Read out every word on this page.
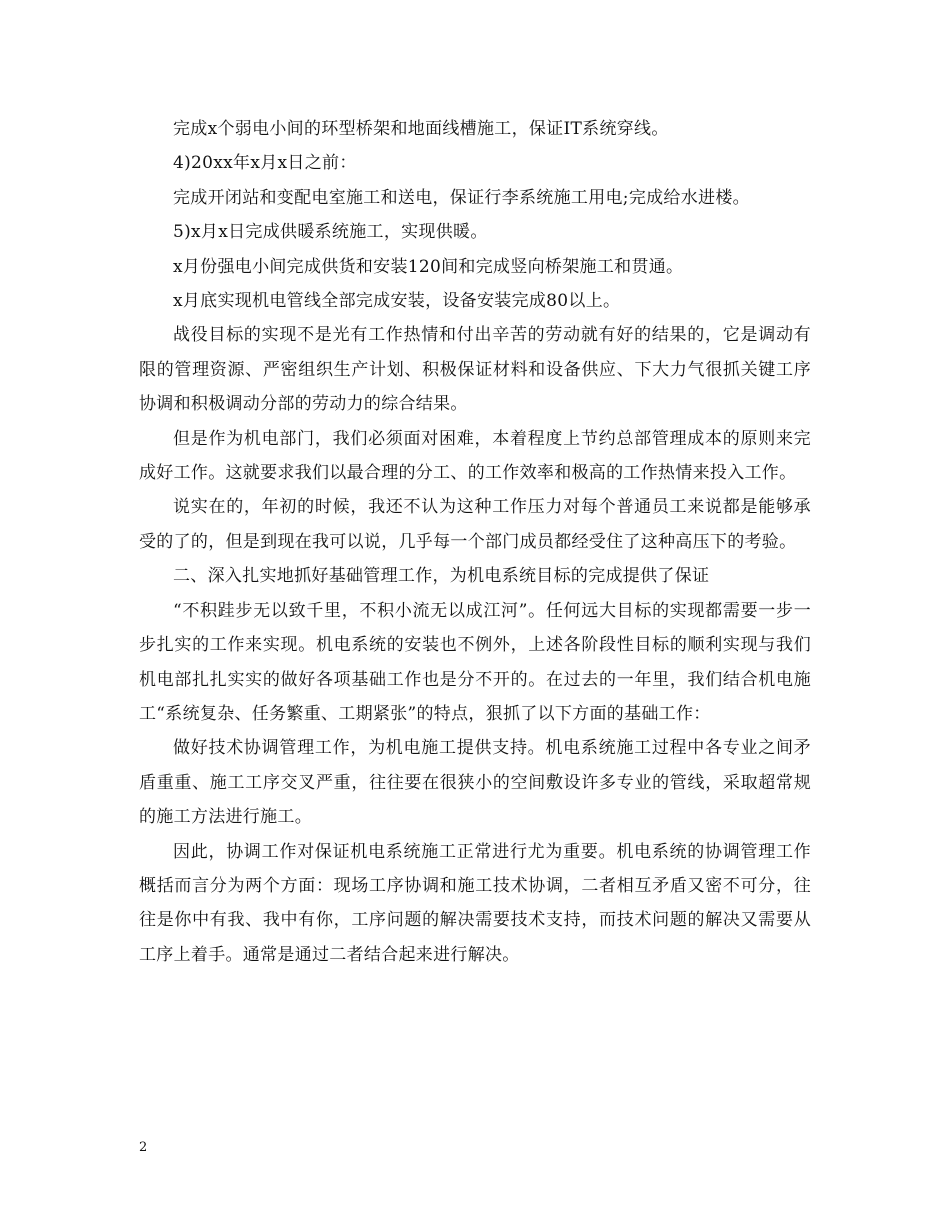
完成x个弱电小间的环型桥架和地面线槽施工，保证IT系统穿线。

4)20xx年x月x日之前：

完成开闭站和变配电室施工和送电，保证行李系统施工用电;完成给水进楼。

5)x月x日完成供暖系统施工，实现供暖。

x月份强电小间完成供货和安装120间和完成竖向桥架施工和贯通。

x月底实现机电管线全部完成安装，设备安装完成80以上。

战役目标的实现不是光有工作热情和付出辛苦的劳动就有好的结果的，它是调动有限的管理资源、严密组织生产计划、积极保证材料和设备供应、下大力气很抓关键工序协调和积极调动分部的劳动力的综合结果。

但是作为机电部门，我们必须面对困难，本着程度上节约总部管理成本的原则来完成好工作。这就要求我们以最合理的分工、的工作效率和极高的工作热情来投入工作。

说实在的，年初的时候，我还不认为这种工作压力对每个普通员工来说都是能够承受的了的，但是到现在我可以说，几乎每一个部门成员都经受住了这种高压下的考验。

二、深入扎实地抓好基础管理工作，为机电系统目标的完成提供了保证

“不积跬步无以致千里，不积小流无以成江河”。任何远大目标的实现都需要一步一步扎实的工作来实现。机电系统的安装也不例外，上述各阶段性目标的顺利实现与我们机电部扎扎实实的做好各项基础工作也是分不开的。在过去的一年里，我们结合机电施工“系统复杂、任务繁重、工期紧张”的特点，狠抓了以下方面的基础工作：

做好技术协调管理工作，为机电施工提供支持。机电系统施工过程中各专业之间矛盾重重、施工工序交叉严重，往往要在很狭小的空间敷设许多专业的管线，采取超常规的施工方法进行施工。

因此，协调工作对保证机电系统施工正常进行尤为重要。机电系统的协调管理工作概括而言分为两个方面：现场工序协调和施工技术协调，二者相互矛盾又密不可分，往往是你中有我、我中有你，工序问题的解决需要技术支持，而技术问题的解决又需要从工序上着手。通常是通过二者结合起来进行解决。

2
